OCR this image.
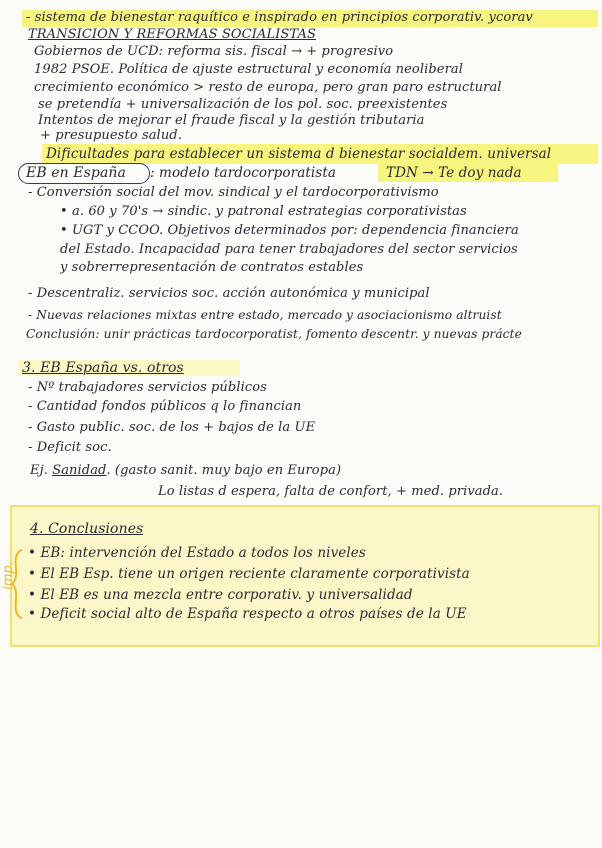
- sistema de bienestar raquítico e inspirado en principios corporativ. ycorav
TRANSICIÓN Y REFORMAS SOCIALISTAS
Gobiernos de UCD: reforma sis. fiscal → + progresivo
1982 PSOE. Política de ajuste estructural y economía neoliberal
crecimiento económico > resto de europa, pero gran paro estructural
se pretendía + universalización de los pol. soc. preexistentes
Intentos de mejorar el fraude fiscal y la gestión tributaria
+ presupuesto salud.
Dificultades para establecer un sistema d bienestar socialdem. universal
EB en España : modelo tardocorporatista	TDN → Te doy nada
- Conversión social del mov. sindical y el tardocorporativismo
• a. 60 y 70's → sindic. y patronal estrategias corporativistas
• UGT y CCOO. Objetivos determinados por: dependencia financiera
del Estado. Incapacidad para tener trabajadores del sector servicios
y sobrerrepresentación de contratos estables
- Descentraliz. servicios soc. acción autonómica y municipal
- Nuevas relaciones mixtas entre estado, mercado y asociacionismo altruist
Conclusión: unir prácticas tardocorporatist, fomento descentr. y nuevas prácte
3. EB España vs. otros
- Nº trabajadores servicios públicos
- Cantidad fondos públicos q lo financian
- Gasto public. soc. de los + bajos de la UE
- Deficit soc.
Ej. Sanidad. (gasto sanit. muy bajo en Europa)
Lo listas d espera, falta de confort, + med. privada.
4. Conclusiones
imp.
• EB: intervención del Estado a todos los niveles
• El EB Esp. tiene un origen reciente claramente corporativista
• El EB es una mezcla entre corporativ. y universalidad
• Deficit social alto de España respecto a otros países de la UE
